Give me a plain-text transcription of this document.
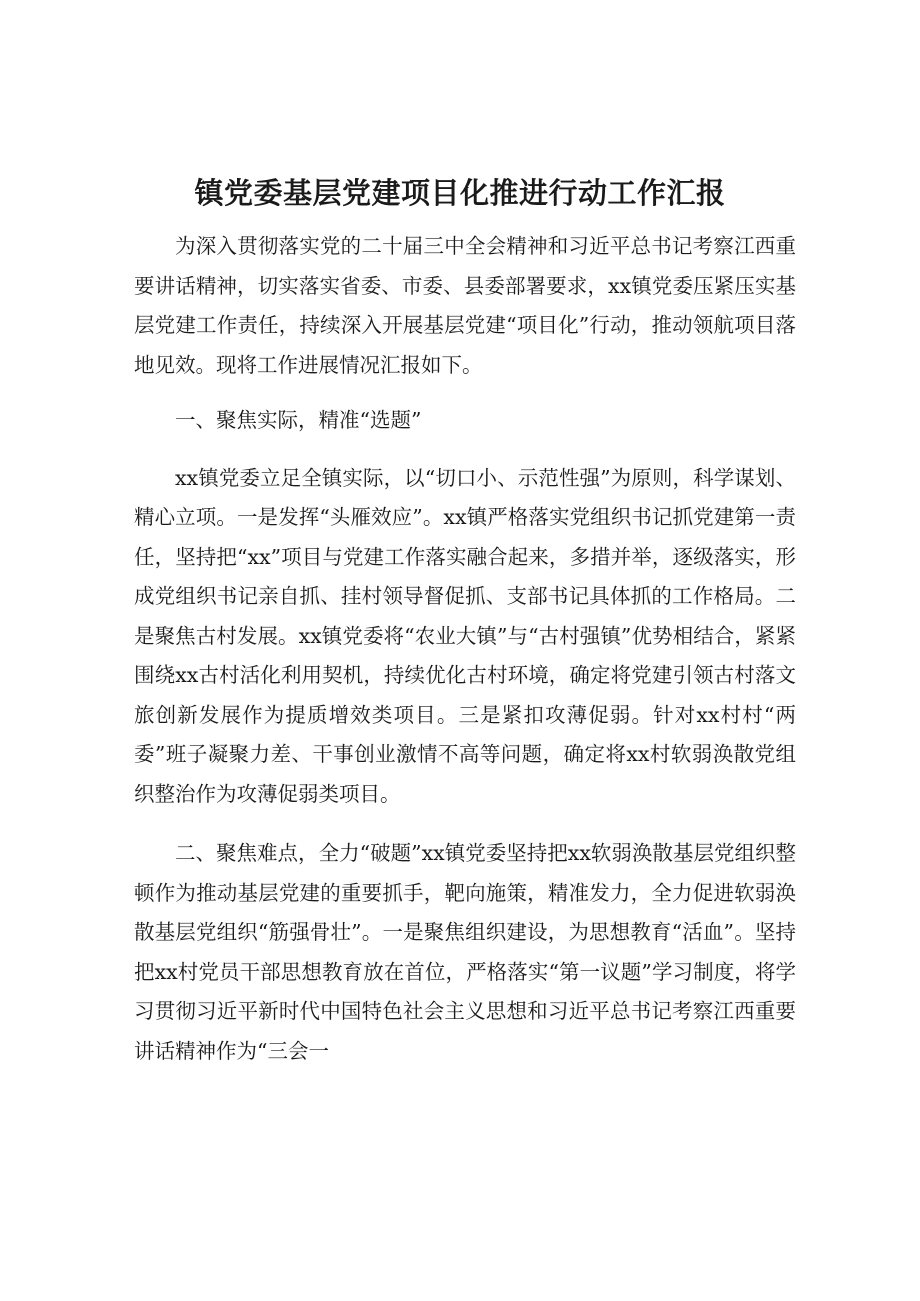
镇党委基层党建项目化推进行动工作汇报

为深入贯彻落实党的二十届三中全会精神和习近平总书记考察江西重要讲话精神，切实落实省委、市委、县委部署要求，xx镇党委压紧压实基层党建工作责任，持续深入开展基层党建“项目化”行动，推动领航项目落地见效。现将工作进展情况汇报如下。

一、聚焦实际，精准“选题”

xx镇党委立足全镇实际，以“切口小、示范性强”为原则，科学谋划、精心立项。一是发挥“头雁效应”。xx镇严格落实党组织书记抓党建第一责任，坚持把“xx”项目与党建工作落实融合起来，多措并举，逐级落实，形成党组织书记亲自抓、挂村领导督促抓、支部书记具体抓的工作格局。二是聚焦古村发展。xx镇党委将“农业大镇”与“古村强镇”优势相结合，紧紧围绕xx古村活化利用契机，持续优化古村环境，确定将党建引领古村落文旅创新发展作为提质增效类项目。三是紧扣攻薄促弱。针对xx村村“两委”班子凝聚力差、干事创业激情不高等问题，确定将xx村软弱涣散党组织整治作为攻薄促弱类项目。

二、聚焦难点，全力“破题”xx镇党委坚持把xx软弱涣散基层党组织整顿作为推动基层党建的重要抓手，靶向施策，精准发力，全力促进软弱涣散基层党组织“筋强骨壮”。一是聚焦组织建设，为思想教育“活血”。坚持把xx村党员干部思想教育放在首位，严格落实“第一议题”学习制度，将学习贯彻习近平新时代中国特色社会主义思想和习近平总书记考察江西重要讲话精神作为“三会一
